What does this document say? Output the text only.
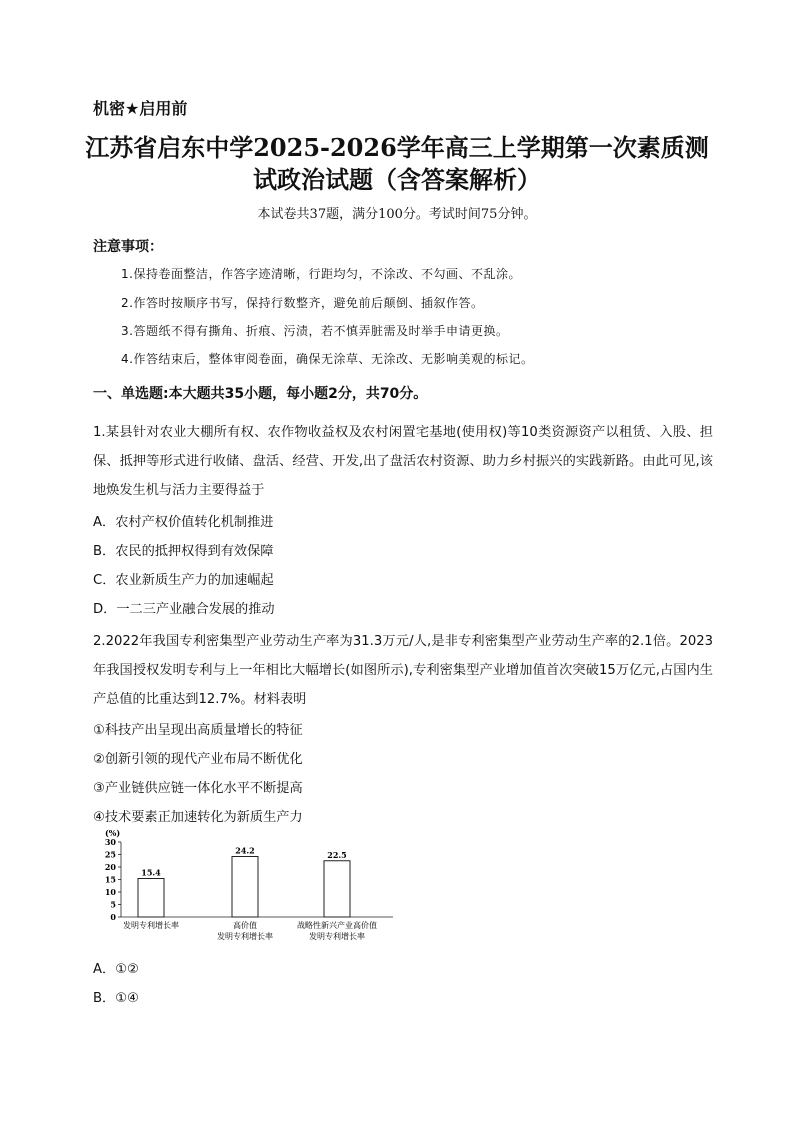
机密★启用前
江苏省启东中学2025-2026学年高三上学期第一次素质测
试政治试题（含答案解析）
本试卷共37题，满分100分。考试时间75分钟。
注意事项：
1.保持卷面整洁，作答字迹清晰，行距均匀，不涂改、不勾画、不乱涂。
2.作答时按顺序书写，保持行数整齐，避免前后颠倒、插叙作答。
3.答题纸不得有撕角、折痕、污渍，若不慎弄脏需及时举手申请更换。
4.作答结束后，整体审阅卷面，确保无涂草、无涂改、无影响美观的标记。
一、单选题:本大题共35小题，每小题2分，共70分。
1.某县针对农业大棚所有权、农作物收益权及农村闲置宅基地(使用权)等10类资源资产以租赁、入股、担保、抵押等形式进行收储、盘活、经营、开发,出了盘活农村资源、助力乡村振兴的实践新路。由此可见,该地焕发生机与活力主要得益于
A．农村产权价值转化机制推进
B．农民的抵押权得到有效保障
C．农业新质生产力的加速崛起
D．一二三产业融合发展的推动
2.2022年我国专利密集型产业劳动生产率为31.3万元/人,是非专利密集型产业劳动生产率的2.1倍。2023年我国授权发明专利与上一年相比大幅增长(如图所示),专利密集型产业增加值首次突破15万亿元,占国内生产总值的比重达到12.7%。材料表明
①科技产出呈现出高质量增长的特征
②创新引领的现代产业布局不断优化
③产业链供应链一体化水平不断提高
④技术要素正加速转化为新质生产力
(%)
0
5
10
15
20
25
30
15.4
发明专利增长率
24.2
高价值
发明专利增长率
22.5
战略性新兴产业高价值
发明专利增长率
A．①②
B．①④
